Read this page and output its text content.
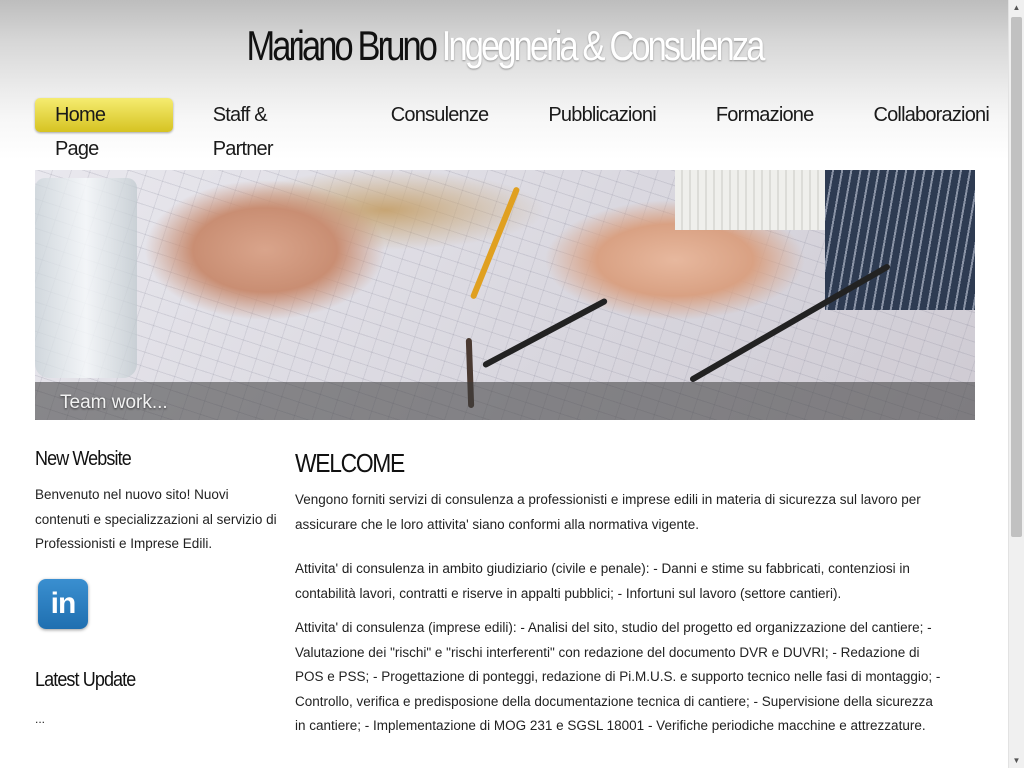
Mariano Bruno Ingegneria & Consulenza
Home Page
Staff & Partner
Consulenze	Pubblicazioni	Formazione	Collaborazioni
Team work...
New Website

Benvenuto nel nuovo sito! Nuovi contenuti e specializzazioni al servizio di Professionisti e Imprese Edili.

in
Latest Update
...
WELCOME

Vengono forniti servizi di consulenza a professionisti e imprese edili in materia di sicurezza sul lavoro per assicurare che le loro attivita' siano conformi alla normativa vigente.

Attivita' di consulenza in ambito giudiziario (civile e penale): - Danni e stime su fabbricati, contenziosi in contabilità lavori, contratti e riserve in appalti pubblici; - Infortuni sul lavoro (settore cantieri).

Attivita' di consulenza (imprese edili): - Analisi del sito, studio del progetto ed organizzazione del cantiere; - Valutazione dei "rischi" e "rischi interferenti" con redazione del documento DVR e DUVRI; - Redazione di POS e PSS; - Progettazione di ponteggi, redazione di Pi.M.U.S. e supporto tecnico nelle fasi di montaggio; - Controllo, verifica e predisposione della documentazione tecnica di cantiere; - Supervisione della sicurezza in cantiere; - Implementazione di MOG 231 e SGSL 18001 - Verifiche periodiche macchine e attrezzature.

▲
▼
